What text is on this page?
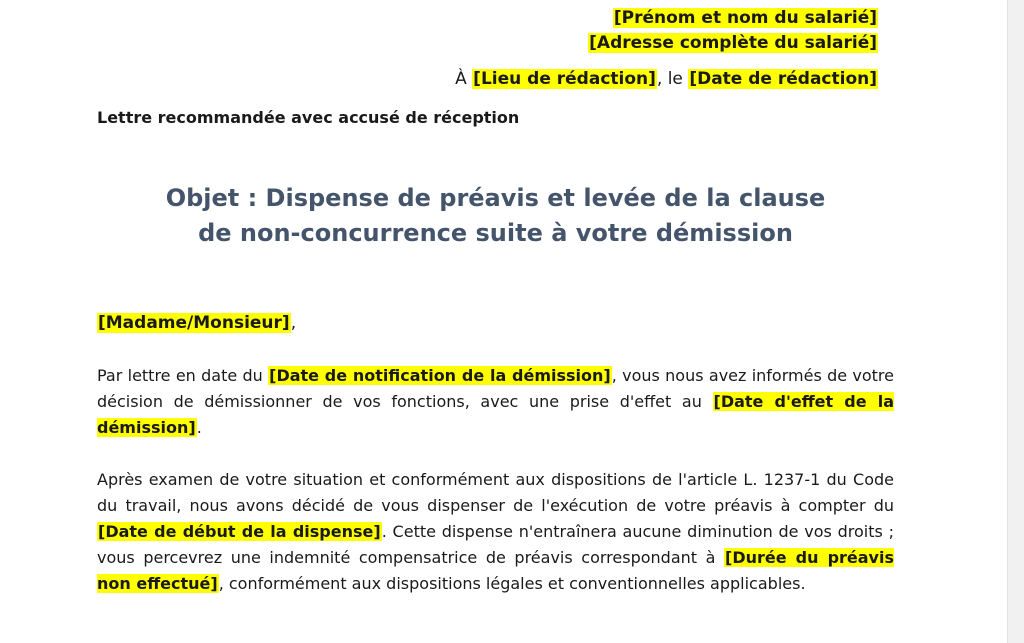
[Prénom et nom du salarié]
[Adresse complète du salarié]
À [Lieu de rédaction], le [Date de rédaction]
Lettre recommandée avec accusé de réception
Objet : Dispense de préavis et levée de la clause
de non-concurrence suite à votre démission
[Madame/Monsieur],
Par lettre en date du [Date de notification de la démission], vous nous avez informés de votre décision de démissionner de vos fonctions, avec une prise d'effet au [Date d'effet de la démission].
Après examen de votre situation et conformément aux dispositions de l'article L. 1237-1 du Code du travail, nous avons décidé de vous dispenser de l'exécution de votre préavis à compter du [Date de début de la dispense]. Cette dispense n'entraînera aucune diminution de vos droits ; vous percevrez une indemnité compensatrice de préavis correspondant à [Durée du préavis non effectué], conformément aux dispositions légales et conventionnelles applicables.
